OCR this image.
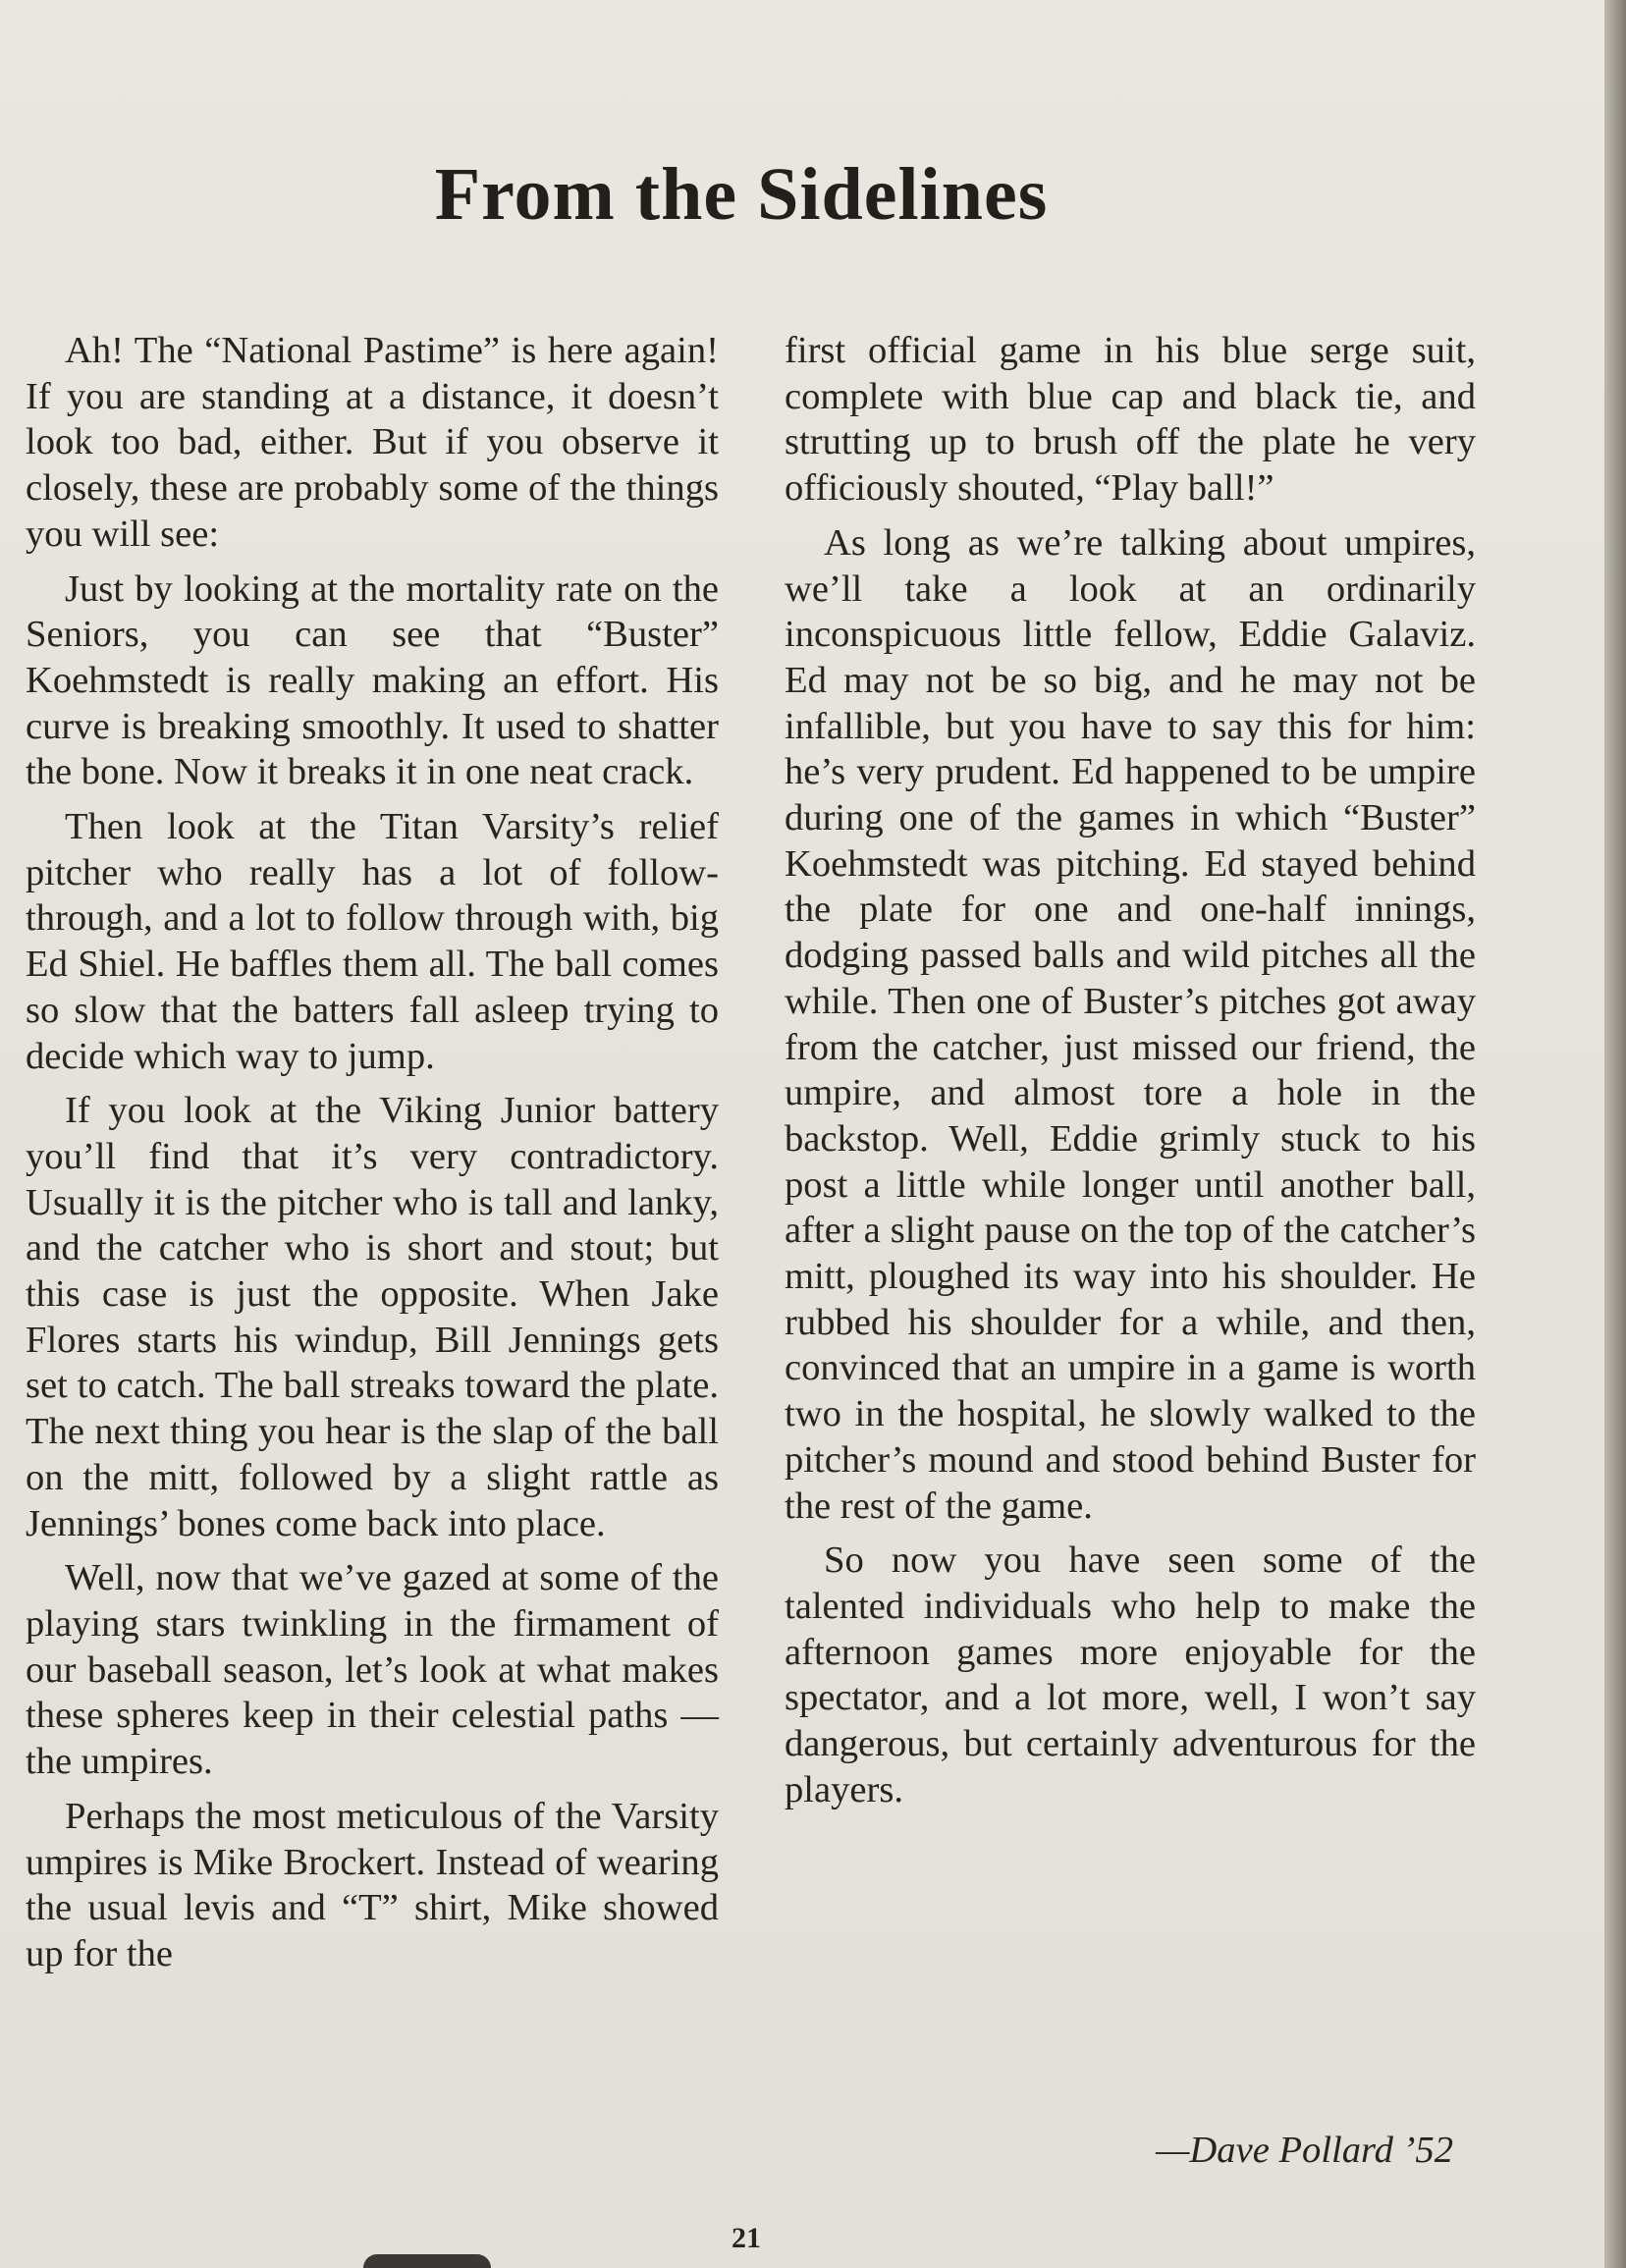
From the Sidelines

Ah! The “National Pastime” is here again! If you are standing at a distance, it doesn’t look too bad, either. But if you observe it closely, these are probably some of the things you will see:

Just by looking at the mortality rate on the Seniors, you can see that “Buster” Koehmstedt is really making an effort. His curve is breaking smoothly. It used to shatter the bone. Now it breaks it in one neat crack.

Then look at the Titan Varsity’s relief pitcher who really has a lot of follow-through, and a lot to follow through with, big Ed Shiel. He baffles them all. The ball comes so slow that the batters fall asleep trying to decide which way to jump.

If you look at the Viking Junior battery you’ll find that it’s very contradictory. Usually it is the pitcher who is tall and lanky, and the catcher who is short and stout; but this case is just the opposite. When Jake Flores starts his windup, Bill Jennings gets set to catch. The ball streaks toward the plate. The next thing you hear is the slap of the ball on the mitt, followed by a slight rattle as Jennings’ bones come back into place.

Well, now that we’ve gazed at some of the playing stars twinkling in the firmament of our baseball season, let’s look at what makes these spheres keep in their celestial paths — the umpires.

Perhaps the most meticulous of the Varsity umpires is Mike Brockert. Instead of wearing the usual levis and “T” shirt, Mike showed up for the

first official game in his blue serge suit, complete with blue cap and black tie, and strutting up to brush off the plate he very officiously shouted, “Play ball!”

As long as we’re talking about umpires, we’ll take a look at an ordinarily inconspicuous little fellow, Eddie Galaviz. Ed may not be so big, and he may not be infallible, but you have to say this for him: he’s very prudent. Ed happened to be umpire during one of the games in which “Buster” Koehmstedt was pitching. Ed stayed behind the plate for one and one-half innings, dodging passed balls and wild pitches all the while. Then one of Buster’s pitches got away from the catcher, just missed our friend, the umpire, and almost tore a hole in the backstop. Well, Eddie grimly stuck to his post a little while longer until another ball, after a slight pause on the top of the catcher’s mitt, ploughed its way into his shoulder. He rubbed his shoulder for a while, and then, convinced that an umpire in a game is worth two in the hospital, he slowly walked to the pitcher’s mound and stood behind Buster for the rest of the game.

So now you have seen some of the talented individuals who help to make the afternoon games more enjoyable for the spectator, and a lot more, well, I won’t say dangerous, but certainly adventurous for the players.

—Dave Pollard ’52
21
